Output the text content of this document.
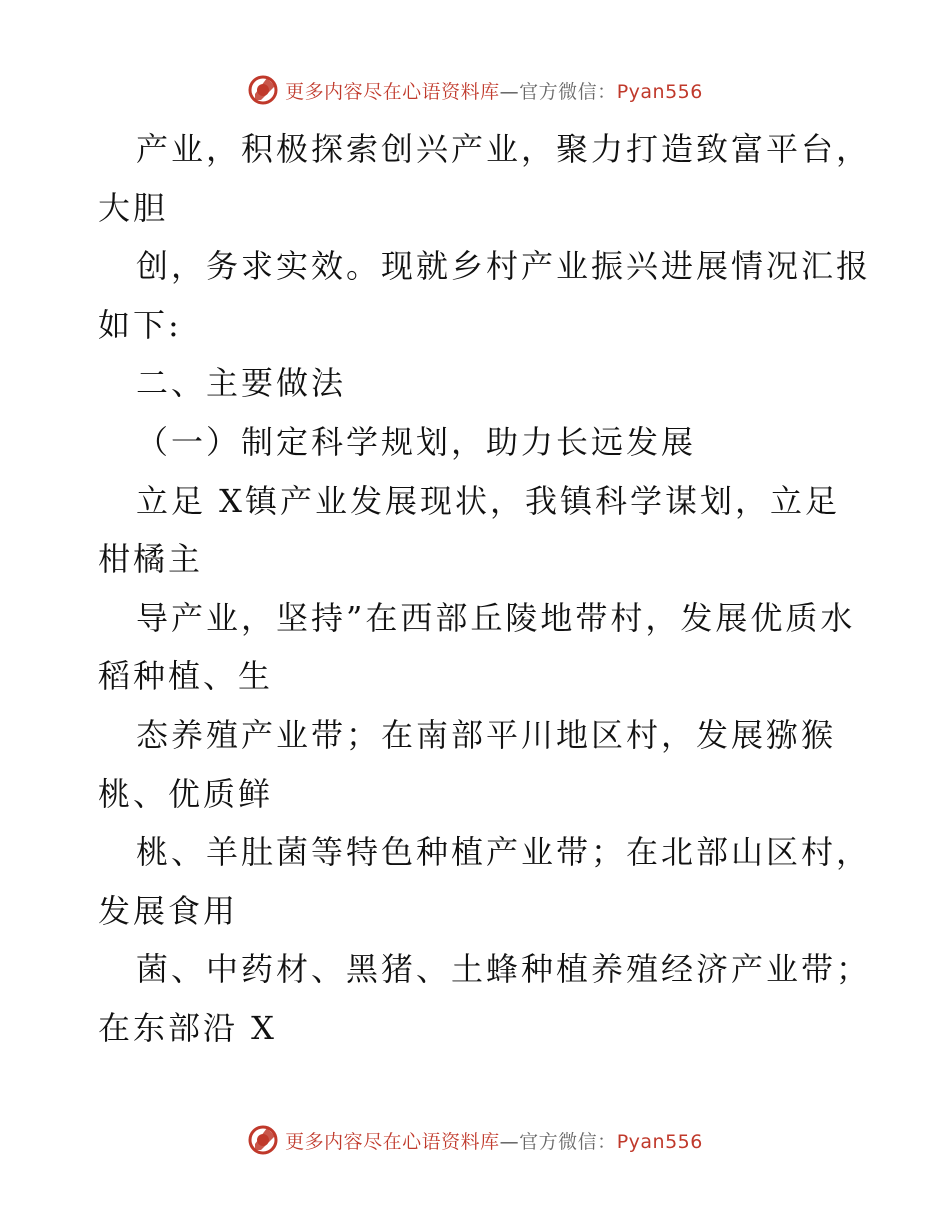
更多内容尽在心语资料库—官方微信：Pyan556
产业，积极探索创兴产业，聚力打造致富平台，
大胆
创，务求实效。现就乡村产业振兴进展情况汇报
如下:
二、主要做法
（一）制定科学规划，助力长远发展
立足 X镇产业发展现状，我镇科学谋划，立足
柑橘主
导产业，坚持”在西部丘陵地带村，发展优质水
稻种植、生
态养殖产业带；在南部平川地区村，发展猕猴
桃、优质鲜
桃、羊肚菌等特色种植产业带；在北部山区村，
发展食用
菌、中药材、黑猪、土蜂种植养殖经济产业带；
在东部沿 X
更多内容尽在心语资料库—官方微信：Pyan556
